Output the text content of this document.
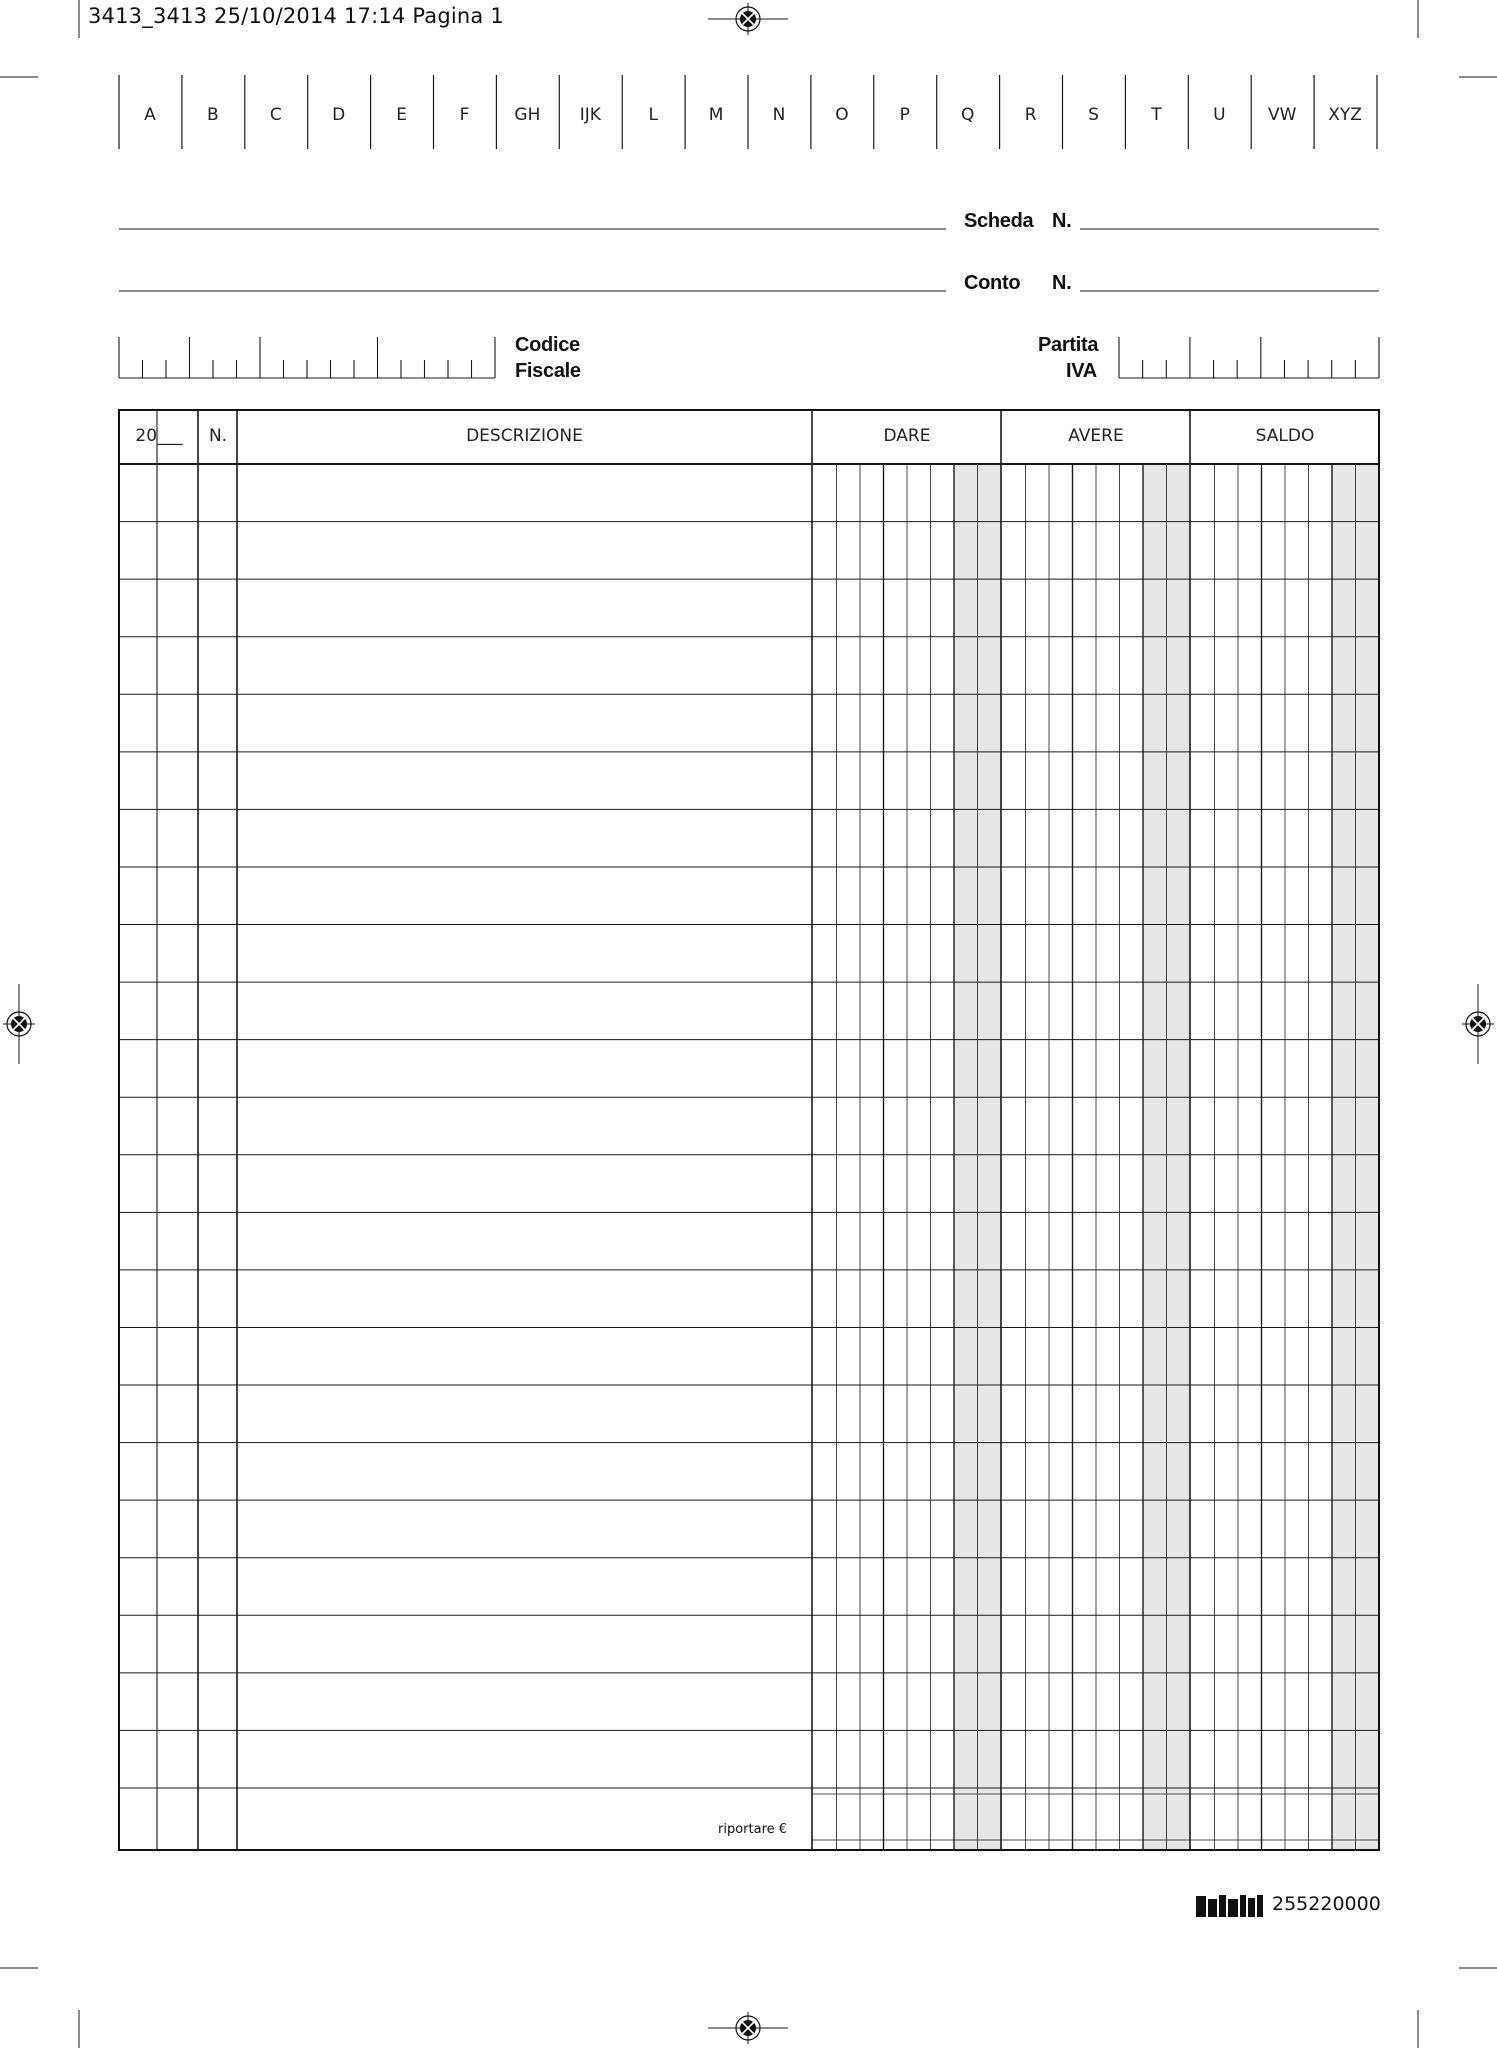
3413_3413 25/10/2014 17:14 Pagina 1
A	B	C	D	E	F	GH	IJK	L	M	N	O	P	Q	R	S	T	U	VW	XYZ
Scheda N.
Conto N.
Codice
Fiscale
Partita
IVA
20___	N.	DESCRIZIONE	DARE	AVERE	SALDO
riportare €
255220000
